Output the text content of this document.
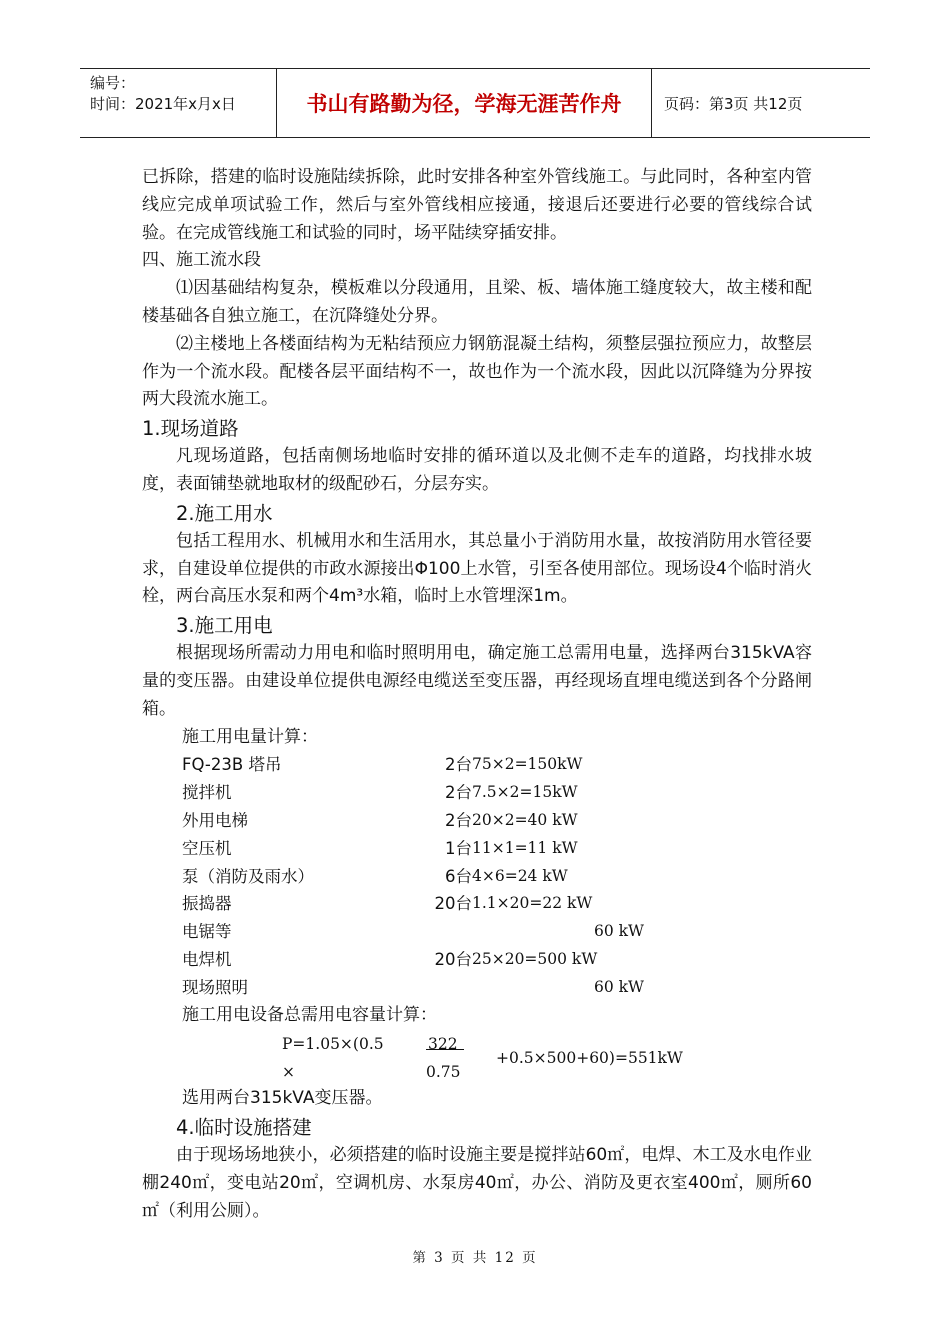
编号：
时间：2021年x月x日	书山有路勤为径，学海无涯苦作舟	页码：第3页 共12页

已拆除，搭建的临时设施陆续拆除，此时安排各种室外管线施工。与此同时，各种室内管线应完成单项试验工作，然后与室外管线相应接通，接退后还要进行必要的管线综合试验。在完成管线施工和试验的同时，场平陆续穿插安排。

四、施工流水段

⑴因基础结构复杂，模板难以分段通用，且梁、板、墙体施工缝度较大，故主楼和配楼基础各自独立施工，在沉降缝处分界。

⑵主楼地上各楼面结构为无粘结预应力钢筋混凝土结构，须整层强拉预应力，故整层作为一个流水段。配楼各层平面结构不一，故也作为一个流水段，因此以沉降缝为分界按两大段流水施工。

1.现场道路

凡现场道路，包括南侧场地临时安排的循环道以及北侧不走车的道路，均找排水坡度，表面铺垫就地取材的级配砂石，分层夯实。

2.施工用水

包括工程用水、机械用水和生活用水，其总量小于消防用水量，故按消防用水管径要求，自建设单位提供的市政水源接出Φ100上水管，引至各使用部位。现场设4个临时消火栓，两台高压水泵和两个4m³水箱，临时上水管埋深1m。

3.施工用电

根据现场所需动力用电和临时照明用电，确定施工总需用电量，选择两台315kVA容量的变压器。由建设单位提供电源经电缆送至变压器，再经现场直埋电缆送到各个分路闸箱。

施工用电量计算：

FQ-23B 塔吊	2台	75×2=150kW
搅拌机	2台	7.5×2=15kW
外用电梯	2台	20×2=40 kW
空压机	1台	11×1=11 kW
泵（消防及雨水）	6台	4×6=24 kW
振捣器	20台	1.1×20=22 kW
电锯等		60 kW
电焊机	20台	25×20=500 kW
现场照明		60 kW

施工用电设备总需用电容量计算：

P=1.05×(0.5
×
322
0.75
+0.5×500+60)=551kW

选用两台315kVA变压器。

4.临时设施搭建

由于现场场地狭小，必须搭建的临时设施主要是搅拌站60㎡，电焊、木工及水电作业棚240㎡，变电站20㎡，空调机房、水泵房40㎡，办公、消防及更衣室400㎡，厕所60㎡（利用公厕）。

第 3 页 共 12 页
